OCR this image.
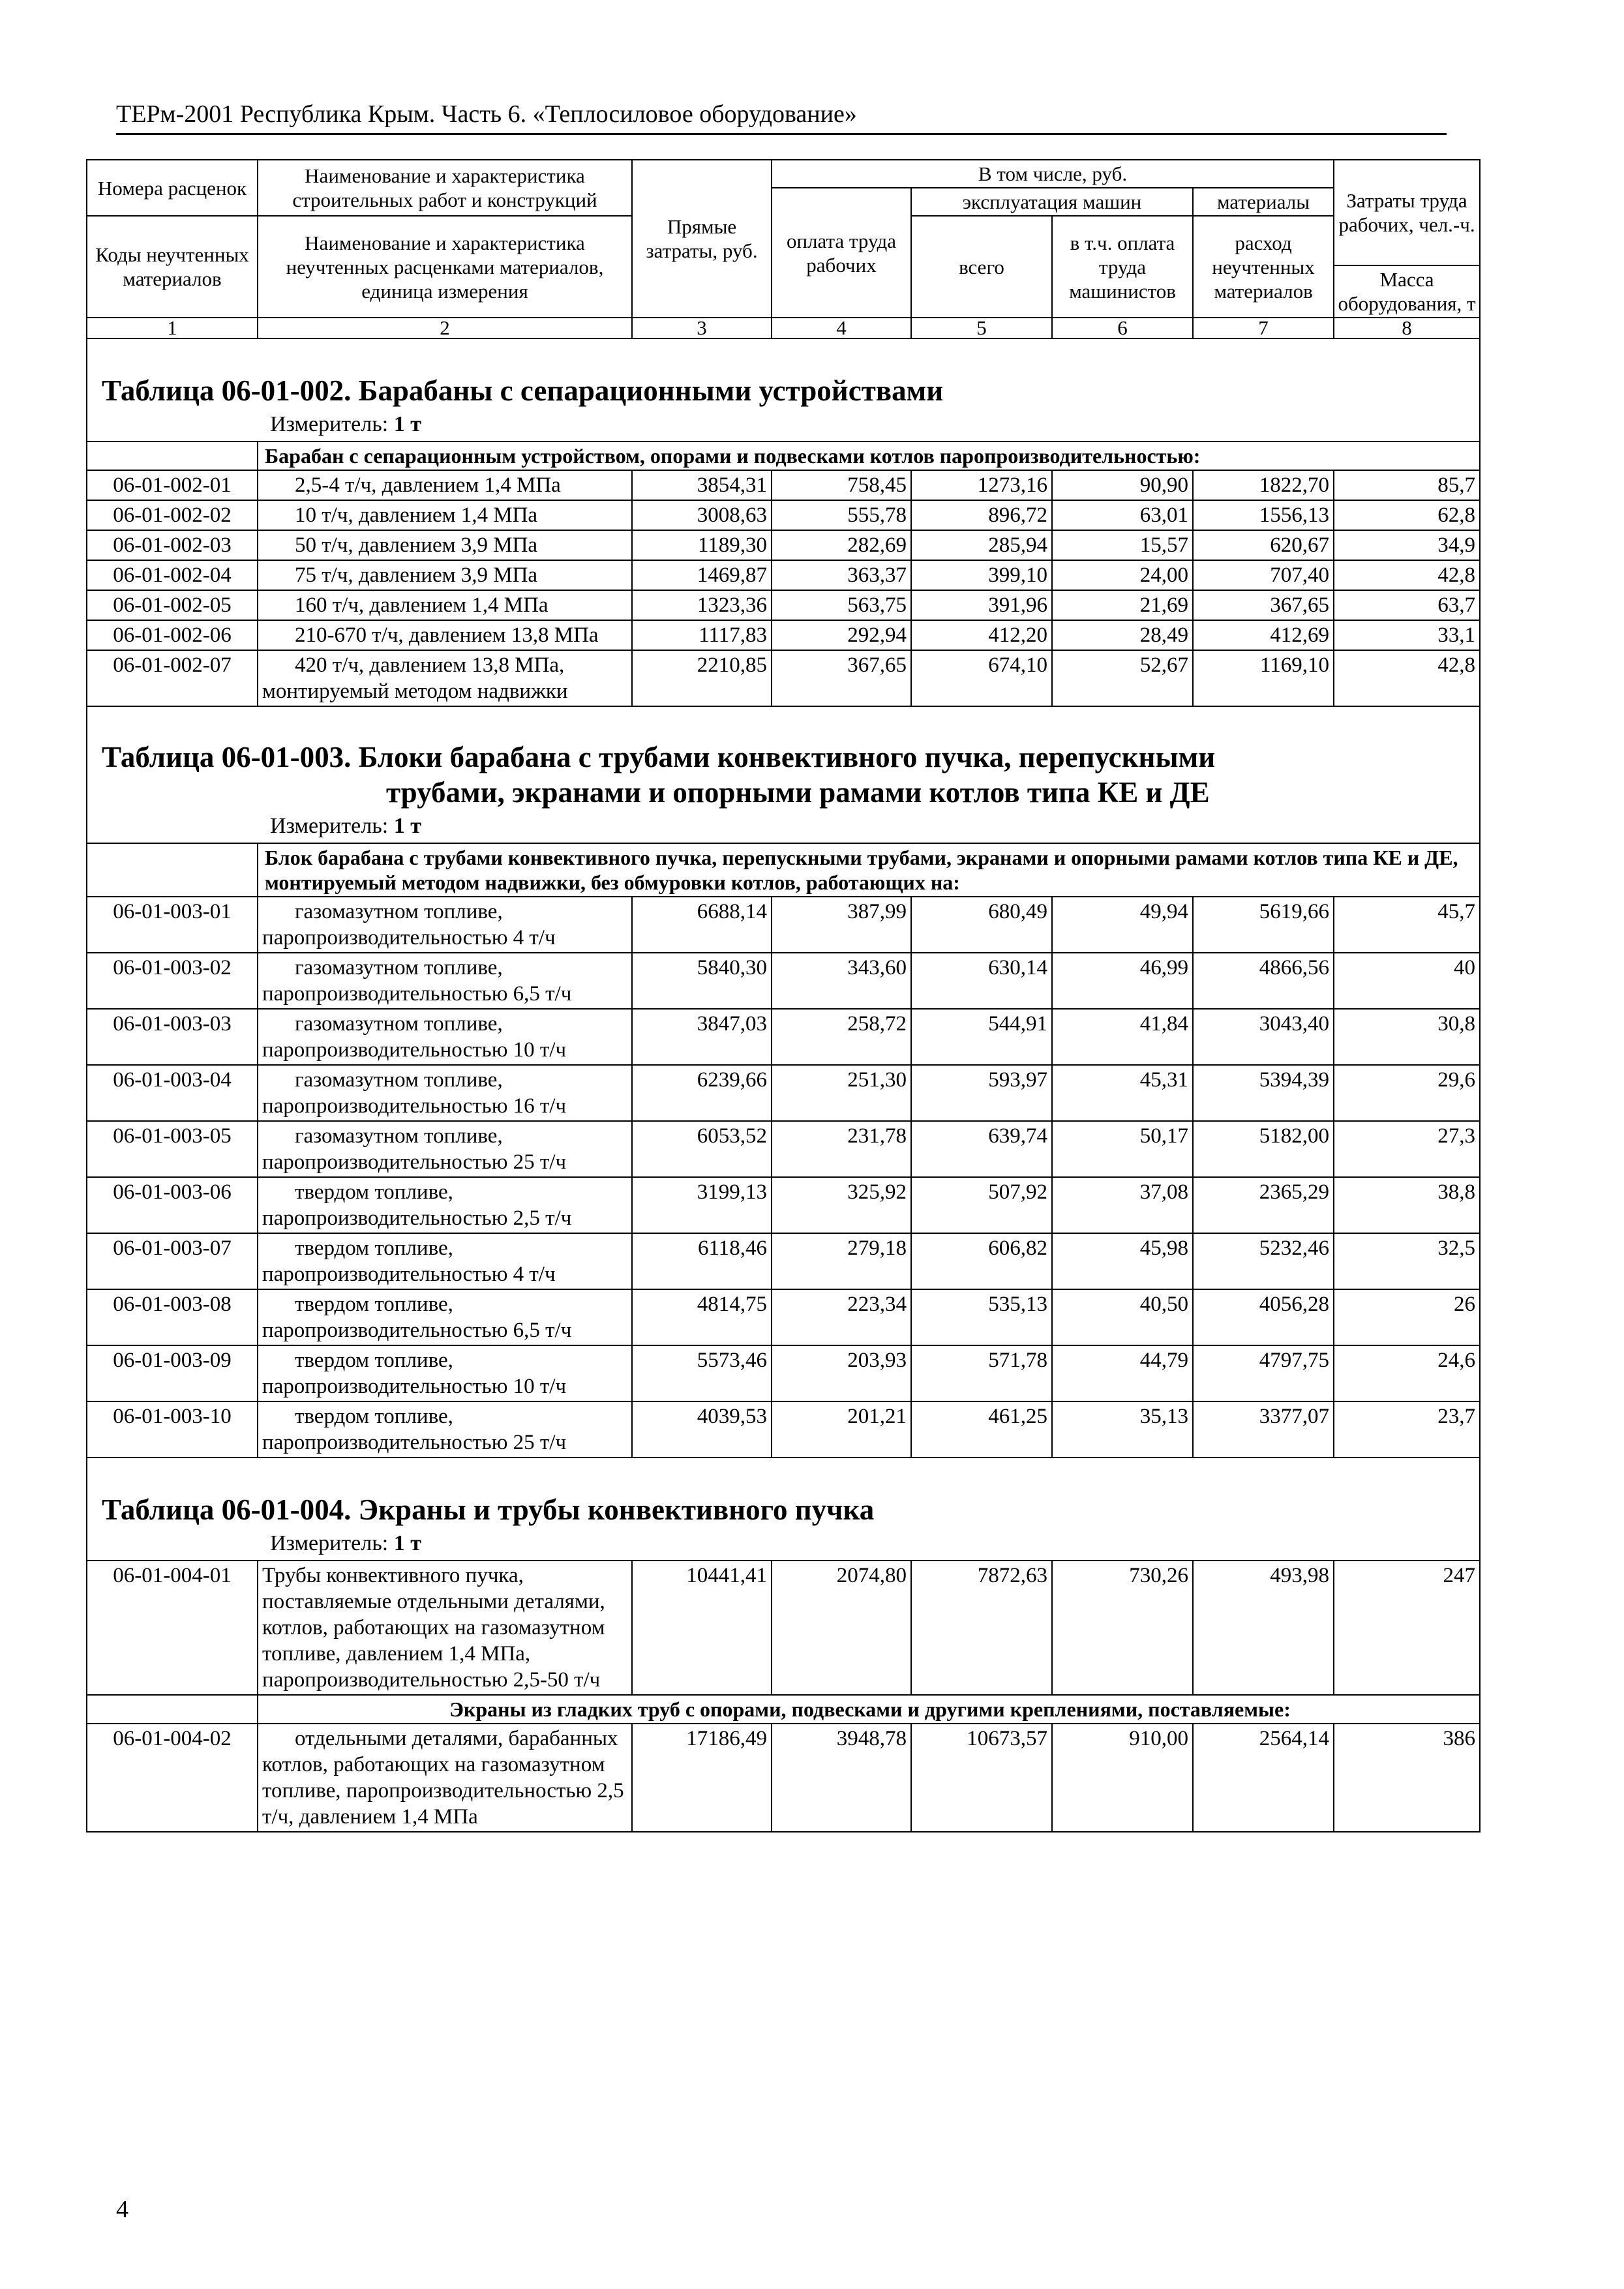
ТЕРм-2001 Республика Крым. Часть 6. «Теплосиловое оборудование»
Номера расценок	Наименование и характеристика строительных работ и конструкций	Прямые затраты, руб.	В том числе, руб.				Затраты труда рабочих, чел.-ч.
			оплата труда рабочих	эксплуатация машин		материалы	
Коды неучтенных материалов	Наименование и характеристика неучтенных расценками материалов, единица измерения			всего	в т.ч. оплата труда машинистов	расход неучтенных материалов	
							Масса оборудования, т
1	2	3	4	5	6	7	8

Таблица 06-01-002. Барабаны с сепарационными устройствами							

Измеритель: 1 т							
	Барабан с сепарационным устройством, опорами и подвесками котлов паропроизводительностью:						
06-01-002-01	2,5-4 т/ч, давлением 1,4 МПа	3854,31	758,45	1273,16	90,90	1822,70	85,7
06-01-002-02	10 т/ч, давлением 1,4 МПа	3008,63	555,78	896,72	63,01	1556,13	62,8
06-01-002-03	50 т/ч, давлением 3,9 МПа	1189,30	282,69	285,94	15,57	620,67	34,9
06-01-002-04	75 т/ч, давлением 3,9 МПа	1469,87	363,37	399,10	24,00	707,40	42,8
06-01-002-05	160 т/ч, давлением 1,4 МПа	1323,36	563,75	391,96	21,69	367,65	63,7
06-01-002-06	210-670 т/ч, давлением 13,8 МПа	1117,83	292,94	412,20	28,49	412,69	33,1
06-01-002-07	420 т/ч, давлением 13,8 МПа, монтируемый методом надвижки	2210,85	367,65	674,10	52,67	1169,10	42,8

Таблица 06-01-003. Блоки барабана с трубами конвективного пучка, перепускными
трубами, экранами и опорными рамами котлов типа КЕ и ДЕ							

Измеритель: 1 т							
	Блок барабана с трубами конвективного пучка, перепускными трубами, экранами и опорными рамами котлов типа КЕ и ДЕ, монтируемый методом надвижки, без обмуровки котлов, работающих на:						
06-01-003-01	газомазутном топливе, паропроизводительностью 4 т/ч	6688,14	387,99	680,49	49,94	5619,66	45,7
06-01-003-02	газомазутном топливе, паропроизводительностью 6,5 т/ч	5840,30	343,60	630,14	46,99	4866,56	40
06-01-003-03	газомазутном топливе, паропроизводительностью 10 т/ч	3847,03	258,72	544,91	41,84	3043,40	30,8
06-01-003-04	газомазутном топливе, паропроизводительностью 16 т/ч	6239,66	251,30	593,97	45,31	5394,39	29,6
06-01-003-05	газомазутном топливе, паропроизводительностью 25 т/ч	6053,52	231,78	639,74	50,17	5182,00	27,3
06-01-003-06	твердом топливе, паропроизводительностью 2,5 т/ч	3199,13	325,92	507,92	37,08	2365,29	38,8
06-01-003-07	твердом топливе, паропроизводительностью 4 т/ч	6118,46	279,18	606,82	45,98	5232,46	32,5
06-01-003-08	твердом топливе, паропроизводительностью 6,5 т/ч	4814,75	223,34	535,13	40,50	4056,28	26
06-01-003-09	твердом топливе, паропроизводительностью 10 т/ч	5573,46	203,93	571,78	44,79	4797,75	24,6
06-01-003-10	твердом топливе, паропроизводительностью 25 т/ч	4039,53	201,21	461,25	35,13	3377,07	23,7

Таблица 06-01-004. Экраны и трубы конвективного пучка							

Измеритель: 1 т							
06-01-004-01	Трубы конвективного пучка, поставляемые отдельными деталями, котлов, работающих на газомазутном топливе, давлением 1,4 МПа, паропроизводительностью 2,5-50 т/ч	10441,41	2074,80	7872,63	730,26	493,98	247
	Экраны из гладких труб с опорами, подвесками и другими креплениями, поставляемые:						
06-01-004-02	отдельными деталями, барабанных котлов, работающих на газомазутном топливе, паропроизводительностью 2,5 т/ч, давлением 1,4 МПа	17186,49	3948,78	10673,57	910,00	2564,14	386
4
